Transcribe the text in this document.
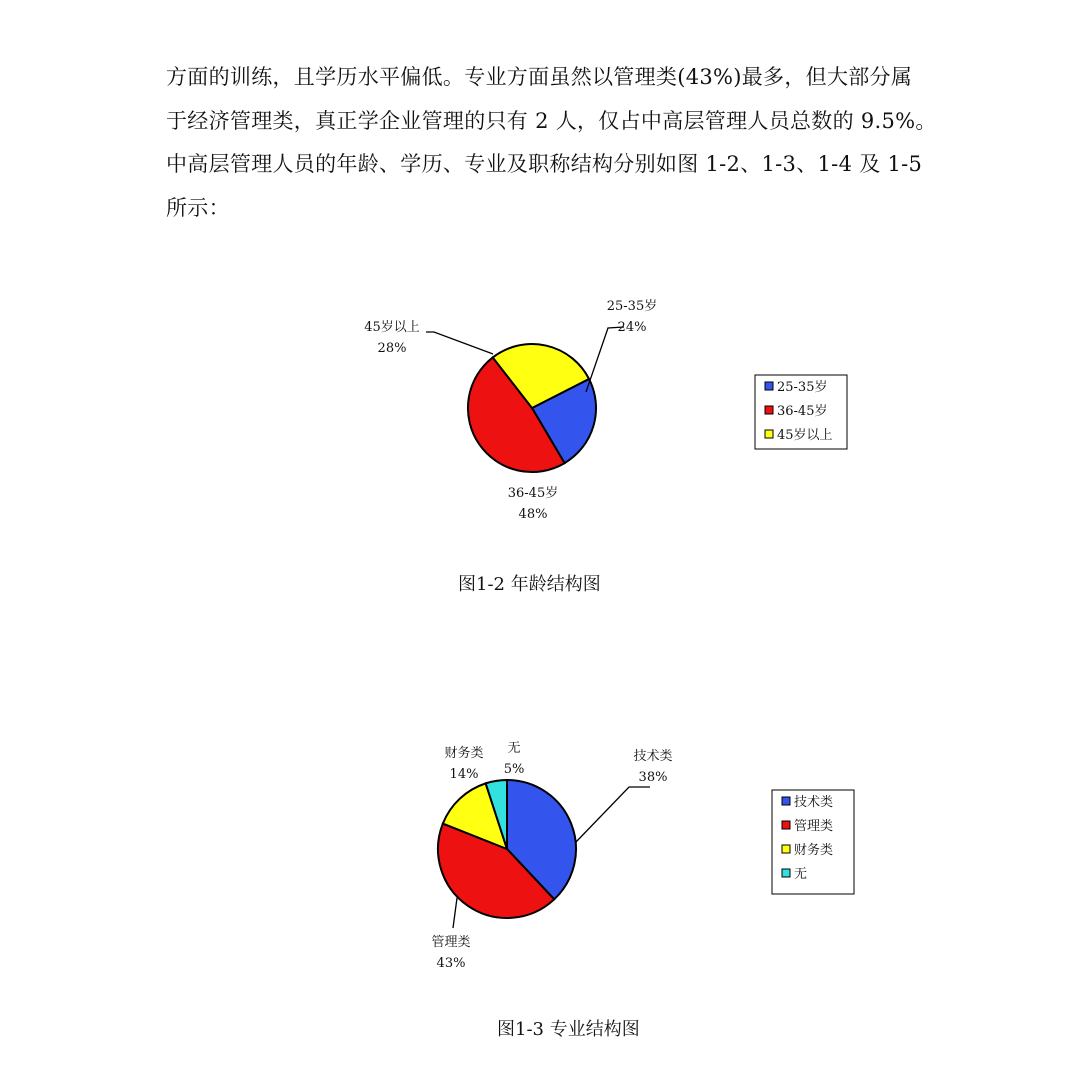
方面的训练，且学历水平偏低。专业方面虽然以管理类(43%)最多，但大部分属
于经济管理类，真正学企业管理的只有 2 人，仅占中高层管理人员总数的 9.5%。
中高层管理人员的年龄、学历、专业及职称结构分别如图 1-2、1-3、1-4 及 1-5
所示：
25-35岁
24%
36-45岁
48%
45岁以上
28%
25-35岁
36-45岁
45岁以上
技术类
38%
管理类
43%
财务类
14%
无
5%
技术类
管理类
财务类
无
图1-2 年龄结构图
图1-3 专业结构图
